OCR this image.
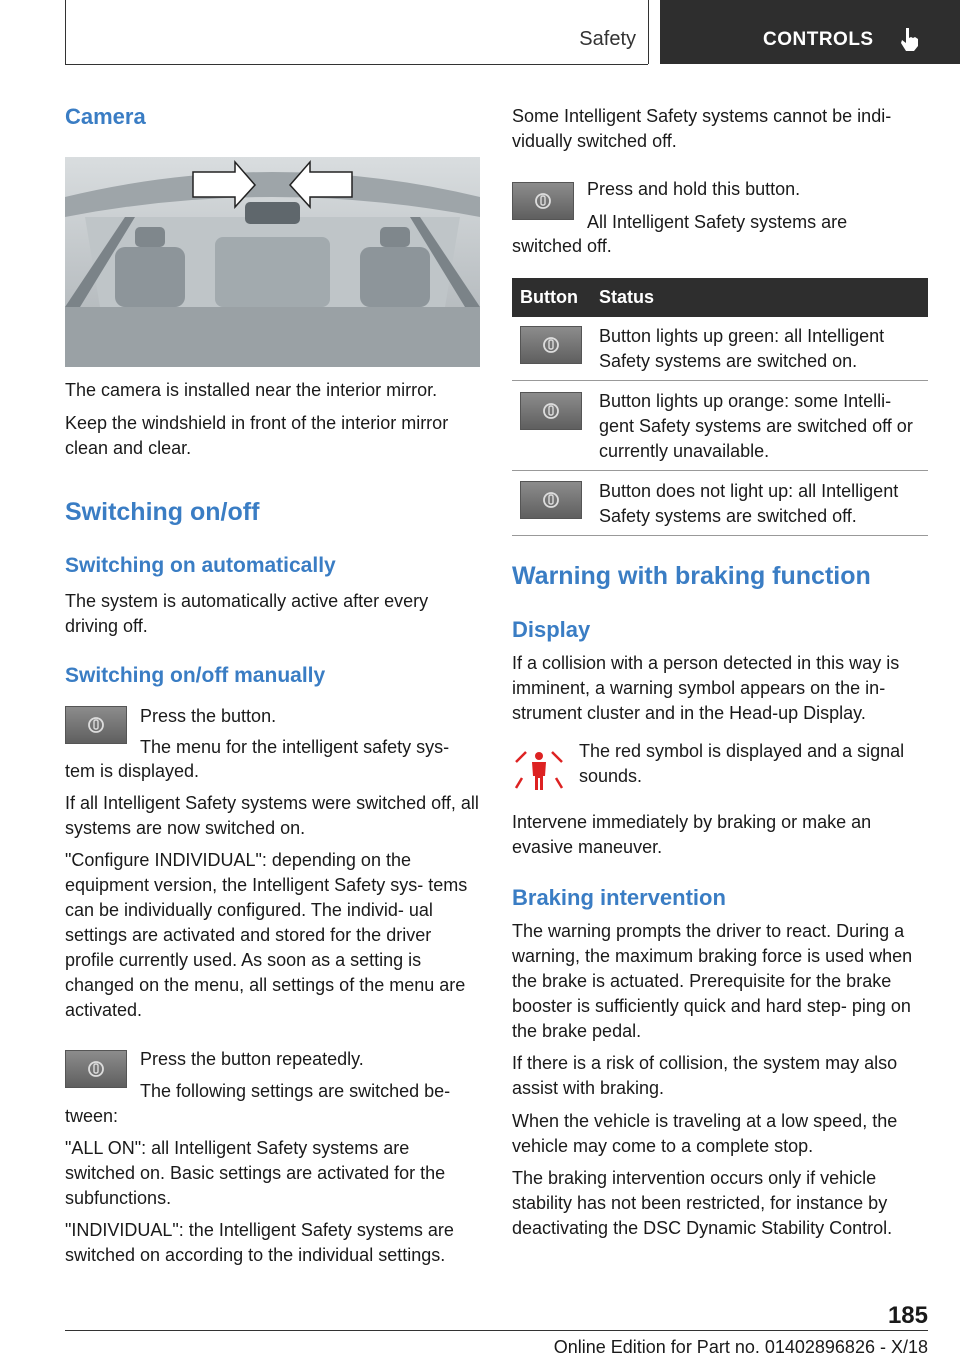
Safety	CONTROLS
Camera

The camera is installed near the interior mirror.

Keep the windshield in front of the interior mirror clean and clear.

Switching on/off
Switching on automatically

The system is automatically active after every driving off.

Switching on/off manually

Press the button.

The menu for the intelligent safety sys‐

tem is displayed.

If all Intelligent Safety systems were switched off, all systems are now switched on.

"Configure INDIVIDUAL": depending on the equipment version, the Intelligent Safety sys‐ tems can be individually configured. The individ‐ ual settings are activated and stored for the driver profile currently used. As soon as a setting is changed on the menu, all settings of the menu are activated.

Press the button repeatedly.

The following settings are switched be‐

tween:

"ALL ON": all Intelligent Safety systems are switched on. Basic settings are activated for the subfunctions.

"INDIVIDUAL": the Intelligent Safety systems are switched on according to the individual settings.

Some Intelligent Safety systems cannot be indi‐ vidually switched off.

Press and hold this button.

All Intelligent Safety systems are

switched off.

Button Status
Button lights up green: all Intelligent Safety systems are switched on.
Button lights up orange: some Intelli‐ gent Safety systems are switched off or currently unavailable.
Button does not light up: all Intelligent Safety systems are switched off.
Warning with braking function
Display

If a collision with a person detected in this way is imminent, a warning symbol appears on the in‐ strument cluster and in the Head-up Display.

The red symbol is displayed and a signal sounds.

Intervene immediately by braking or make an evasive maneuver.

Braking intervention

The warning prompts the driver to react. During a warning, the maximum braking force is used when the brake is actuated. Prerequisite for the brake booster is sufficiently quick and hard step‐ ping on the brake pedal.

If there is a risk of collision, the system may also assist with braking.

When the vehicle is traveling at a low speed, the vehicle may come to a complete stop.

The braking intervention occurs only if vehicle stability has not been restricted, for instance by deactivating the DSC Dynamic Stability Control.

185
Online Edition for Part no. 01402896826 - X/18
